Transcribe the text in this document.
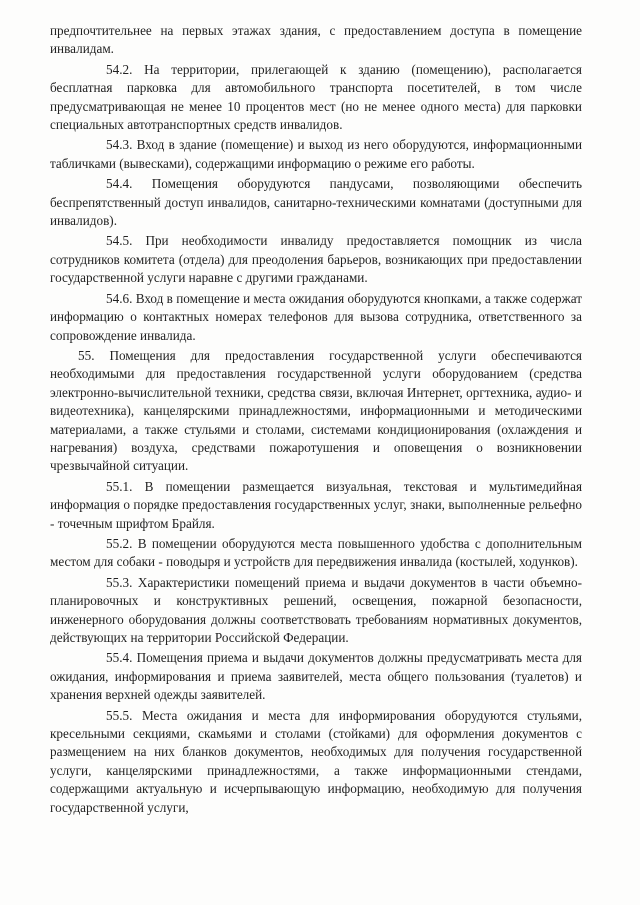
предпочтительнее на первых этажах здания, с предоставлением доступа в помещение инвалидам.

54.2. На территории, прилегающей к зданию (помещению), располагается бесплатная парковка для автомобильного транспорта посетителей, в том числе предусматривающая не менее 10 процентов мест (но не менее одного места) для парковки специальных автотранспортных средств инвалидов.

54.3. Вход в здание (помещение) и выход из него оборудуются, информационными табличками (вывесками), содержащими информацию о режиме его работы.

54.4. Помещения оборудуются пандусами, позволяющими обеспечить беспрепятственный доступ инвалидов, санитарно-техническими комнатами (доступными для инвалидов).

54.5. При необходимости инвалиду предоставляется помощник из числа сотрудников комитета (отдела) для преодоления барьеров, возникающих при предоставлении государственной услуги наравне с другими гражданами.

54.6. Вход в помещение и места ожидания оборудуются кнопками, а также содержат информацию о контактных номерах телефонов для вызова сотрудника, ответственного за сопровождение инвалида.

55. Помещения для предоставления государственной услуги обеспечиваются необходимыми для предоставления государственной услуги оборудованием (средства электронно-вычислительной техники, средства связи, включая Интернет, оргтехника, аудио- и видеотехника), канцелярскими принадлежностями, информационными и методическими материалами, а также стульями и столами, системами кондиционирования (охлаждения и нагревания) воздуха, средствами пожаротушения и оповещения о возникновении чрезвычайной ситуации.

55.1. В помещении размещается визуальная, текстовая и мультимедийная информация о порядке предоставления государственных услуг, знаки, выполненные рельефно - точечным шрифтом Брайля.

55.2. В помещении оборудуются места повышенного удобства с дополнительным местом для собаки - поводыря и устройств для передвижения инвалида (костылей, ходунков).

55.3. Характеристики помещений приема и выдачи документов в части объемно-планировочных и конструктивных решений, освещения, пожарной безопасности, инженерного оборудования должны соответствовать требованиям нормативных документов, действующих на территории Российской Федерации.

55.4. Помещения приема и выдачи документов должны предусматривать места для ожидания, информирования и приема заявителей, места общего пользования (туалетов) и хранения верхней одежды заявителей.

55.5. Места ожидания и места для информирования оборудуются стульями, кресельными секциями, скамьями и столами (стойками) для оформления документов с размещением на них бланков документов, необходимых для получения государственной услуги, канцелярскими принадлежностями, а также информационными стендами, содержащими актуальную и исчерпывающую информацию, необходимую для получения государственной услуги,
